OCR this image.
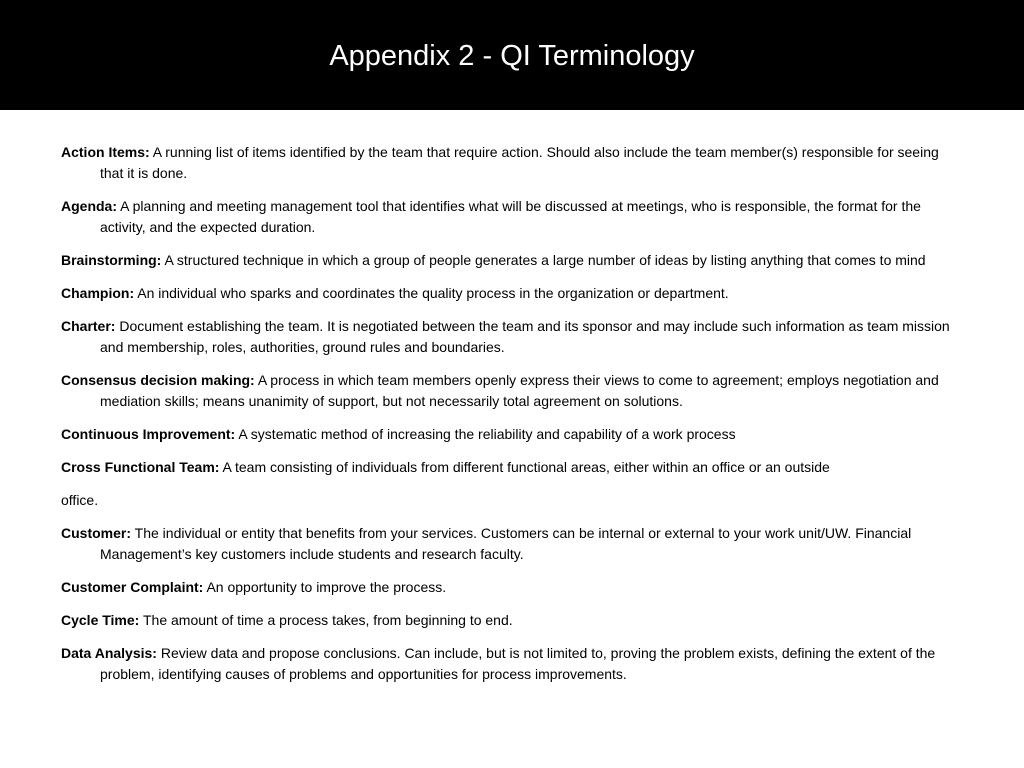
Appendix 2 - QI Terminology

Action Items: A running list of items identified by the team that require action. Should also include the team member(s) responsible for seeing that it is done.

Agenda: A planning and meeting management tool that identifies what will be discussed at meetings, who is responsible, the format for the activity, and the expected duration.

Brainstorming: A structured technique in which a group of people generates a large number of ideas by listing anything that comes to mind

Champion: An individual who sparks and coordinates the quality process in the organization or department.

Charter: Document establishing the team. It is negotiated between the team and its sponsor and may include such information as team mission and membership, roles, authorities, ground rules and boundaries.

Consensus decision making: A process in which team members openly express their views to come to agreement; employs negotiation and mediation skills; means unanimity of support, but not necessarily total agreement on solutions.

Continuous Improvement: A systematic method of increasing the reliability and capability of a work process

Cross Functional Team: A team consisting of individuals from different functional areas, either within an office or an outside

office.

Customer: The individual or entity that benefits from your services. Customers can be internal or external to your work unit/UW. Financial Management’s key customers include students and research faculty.

Customer Complaint: An opportunity to improve the process.

Cycle Time: The amount of time a process takes, from beginning to end.

Data Analysis: Review data and propose conclusions. Can include, but is not limited to, proving the problem exists, defining the extent of the problem, identifying causes of problems and opportunities for process improvements.
